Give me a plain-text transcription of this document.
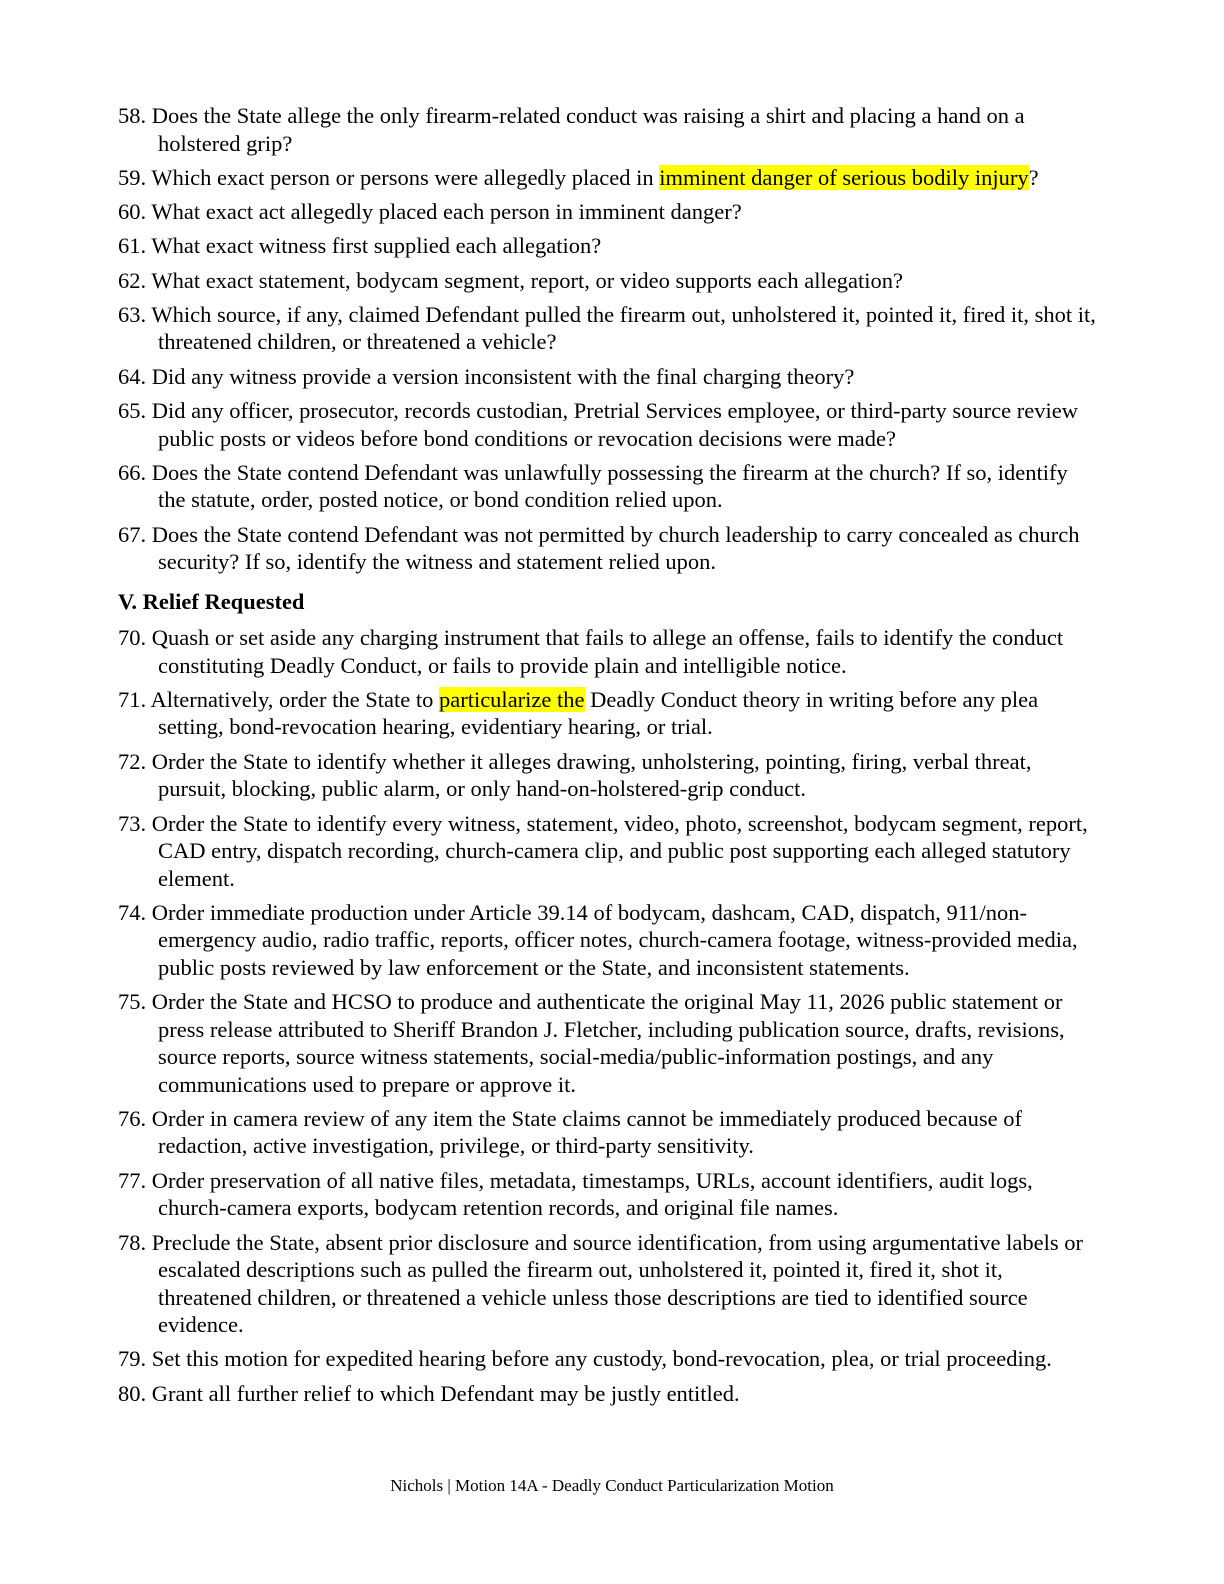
58. Does the State allege the only firearm-related conduct was raising a shirt and placing a hand on a holstered grip?
59. Which exact person or persons were allegedly placed in imminent danger of serious bodily injury?
60. What exact act allegedly placed each person in imminent danger?
61. What exact witness first supplied each allegation?
62. What exact statement, bodycam segment, report, or video supports each allegation?
63. Which source, if any, claimed Defendant pulled the firearm out, unholstered it, pointed it, fired it, shot it, threatened children, or threatened a vehicle?
64. Did any witness provide a version inconsistent with the final charging theory?
65. Did any officer, prosecutor, records custodian, Pretrial Services employee, or third-party source review public posts or videos before bond conditions or revocation decisions were made?
66. Does the State contend Defendant was unlawfully possessing the firearm at the church? If so, identify the statute, order, posted notice, or bond condition relied upon.
67. Does the State contend Defendant was not permitted by church leadership to carry concealed as church security? If so, identify the witness and statement relied upon.
V. Relief Requested
70. Quash or set aside any charging instrument that fails to allege an offense, fails to identify the conduct constituting Deadly Conduct, or fails to provide plain and intelligible notice.
71. Alternatively, order the State to particularize the Deadly Conduct theory in writing before any plea setting, bond-revocation hearing, evidentiary hearing, or trial.
72. Order the State to identify whether it alleges drawing, unholstering, pointing, firing, verbal threat, pursuit, blocking, public alarm, or only hand-on-holstered-grip conduct.
73. Order the State to identify every witness, statement, video, photo, screenshot, bodycam segment, report, CAD entry, dispatch recording, church-camera clip, and public post supporting each alleged statutory element.
74. Order immediate production under Article 39.14 of bodycam, dashcam, CAD, dispatch, 911/non-emergency audio, radio traffic, reports, officer notes, church-camera footage, witness-provided media, public posts reviewed by law enforcement or the State, and inconsistent statements.
75. Order the State and HCSO to produce and authenticate the original May 11, 2026 public statement or press release attributed to Sheriff Brandon J. Fletcher, including publication source, drafts, revisions, source reports, source witness statements, social-media/public-information postings, and any communications used to prepare or approve it.
76. Order in camera review of any item the State claims cannot be immediately produced because of redaction, active investigation, privilege, or third-party sensitivity.
77. Order preservation of all native files, metadata, timestamps, URLs, account identifiers, audit logs, church-camera exports, bodycam retention records, and original file names.
78. Preclude the State, absent prior disclosure and source identification, from using argumentative labels or escalated descriptions such as pulled the firearm out, unholstered it, pointed it, fired it, shot it, threatened children, or threatened a vehicle unless those descriptions are tied to identified source evidence.
79. Set this motion for expedited hearing before any custody, bond-revocation, plea, or trial proceeding.
80. Grant all further relief to which Defendant may be justly entitled.
Nichols | Motion 14A - Deadly Conduct Particularization Motion
